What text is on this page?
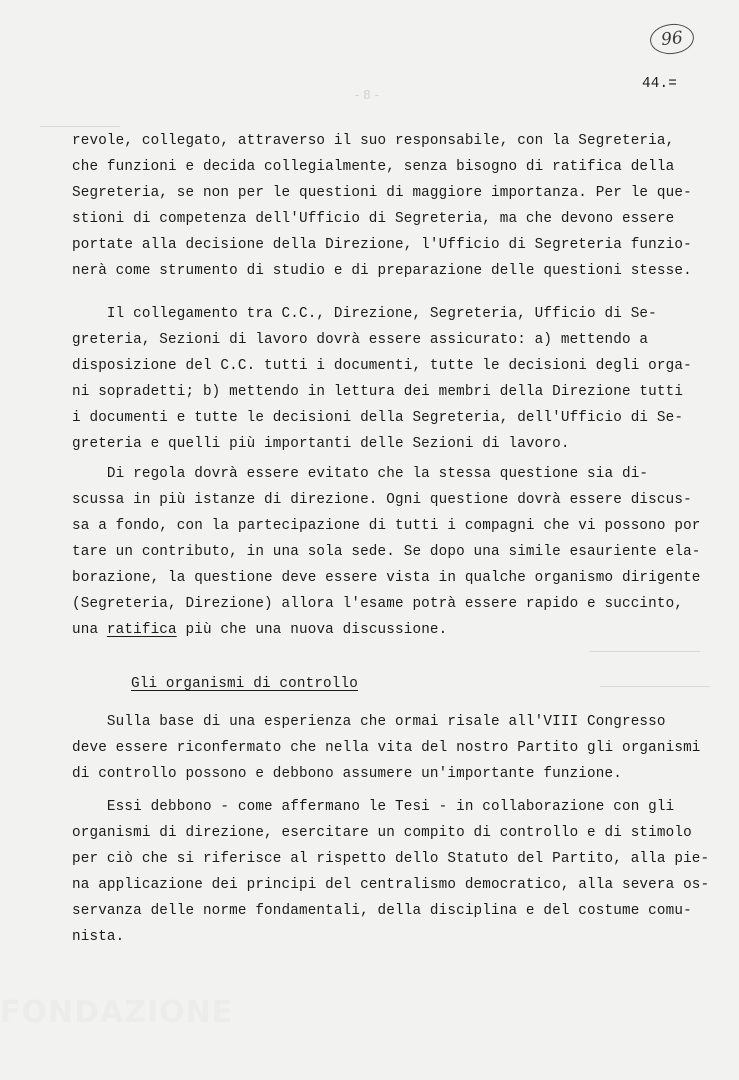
96
44.=
- 8 -
revole, collegato, attraverso il suo responsabile, con la Segreteria,
che funzioni e decida collegialmente, senza bisogno di ratifica della
Segreteria, se non per le questioni di maggiore importanza. Per le que-
stioni di competenza dell'Ufficio di Segreteria, ma che devono essere
portate alla decisione della Direzione, l'Ufficio di Segreteria funzio-
nerà come strumento di studio e di preparazione delle questioni stesse.
Il collegamento tra C.C., Direzione, Segreteria, Ufficio di Se-
greteria, Sezioni di lavoro dovrà essere assicurato: a) mettendo a
disposizione del C.C. tutti i documenti, tutte le decisioni degli orga-
ni sopradetti; b) mettendo in lettura dei membri della Direzione tutti
i documenti e tutte le decisioni della Segreteria, dell'Ufficio di Se-
greteria e quelli più importanti delle Sezioni di lavoro.
Di regola dovrà essere evitato che la stessa questione sia di-
scussa in più istanze di direzione. Ogni questione dovrà essere discus-
sa a fondo, con la partecipazione di tutti i compagni che vi possono por
tare un contributo, in una sola sede. Se dopo una simile esauriente ela-
borazione, la questione deve essere vista in qualche organismo dirigente
(Segreteria, Direzione) allora l'esame potrà essere rapido e succinto,
una ratifica più che una nuova discussione.
Gli organismi di controllo
Sulla base di una esperienza che ormai risale all'VIII Congresso
deve essere riconfermato che nella vita del nostro Partito gli organismi
di controllo possono e debbono assumere un'importante funzione.
Essi debbono - come affermano le Tesi - in collaborazione con gli
organismi di direzione, esercitare un compito di controllo e di stimolo
per ciò che si riferisce al rispetto dello Statuto del Partito, alla pie-
na applicazione dei principi del centralismo democratico, alla severa os-
servanza delle norme fondamentali, della disciplina e del costume comu-
nista.
FONDAZIONE
